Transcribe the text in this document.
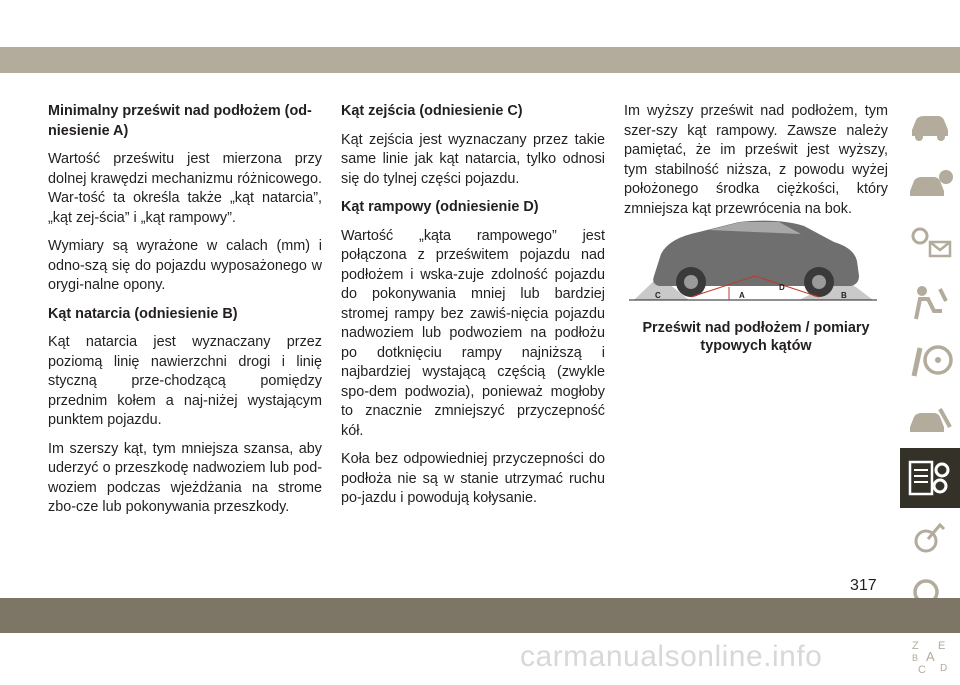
Minimalny prześwit nad podłożem (od-niesienie A)

Wartość prześwitu jest mierzona przy dolnej krawędzi mechanizmu różnicowego. War-tość ta określa także „kąt natarcia”, „kąt zej-ścia” i „kąt rampowy”.

Wymiary są wyrażone w calach (mm) i odno-szą się do pojazdu wyposażonego w orygi-nalne opony.

Kąt natarcia (odniesienie B)

Kąt natarcia jest wyznaczany przez poziomą linię nawierzchni drogi i linię styczną prze-chodzącą pomiędzy przednim kołem a naj-niżej wystającym punktem pojazdu.

Im szerszy kąt, tym mniejsza szansa, aby uderzyć o przeszkodę nadwoziem lub pod-woziem podczas wjeżdżania na strome zbo-cze lub pokonywania przeszkody.

Kąt zejścia (odniesienie C)

Kąt zejścia jest wyznaczany przez takie same linie jak kąt natarcia, tylko odnosi się do tylnej części pojazdu.

Kąt rampowy (odniesienie D)

Wartość „kąta rampowego” jest połączona z prześwitem pojazdu nad podłożem i wska-zuje zdolność pojazdu do pokonywania mniej lub bardziej stromej rampy bez zawiś-nięcia pojazdu nadwoziem lub podwoziem na podłożu po dotknięciu rampy najniższą i najbardziej wystającą częścią (zwykle spo-dem podwozia), ponieważ mogłoby to znacznie zmniejszyć przyczepność kół.

Koła bez odpowiedniej przyczepności do podłoża nie są w stanie utrzymać ruchu po-jazdu i powodują kołysanie.

Im wyższy prześwit nad podłożem, tym szer-szy kąt rampowy. Zawsze należy pamiętać, że im prześwit jest wyższy, tym stabilność niższa, z powodu wyżej położonego środka ciężkości, który zmniejsza kąt przewrócenia na bok.

C	A
D
B
Prześwit nad podłożem / pomiary typowych kątów
Z E
A
B
C D
317
carmanualsonline.info
